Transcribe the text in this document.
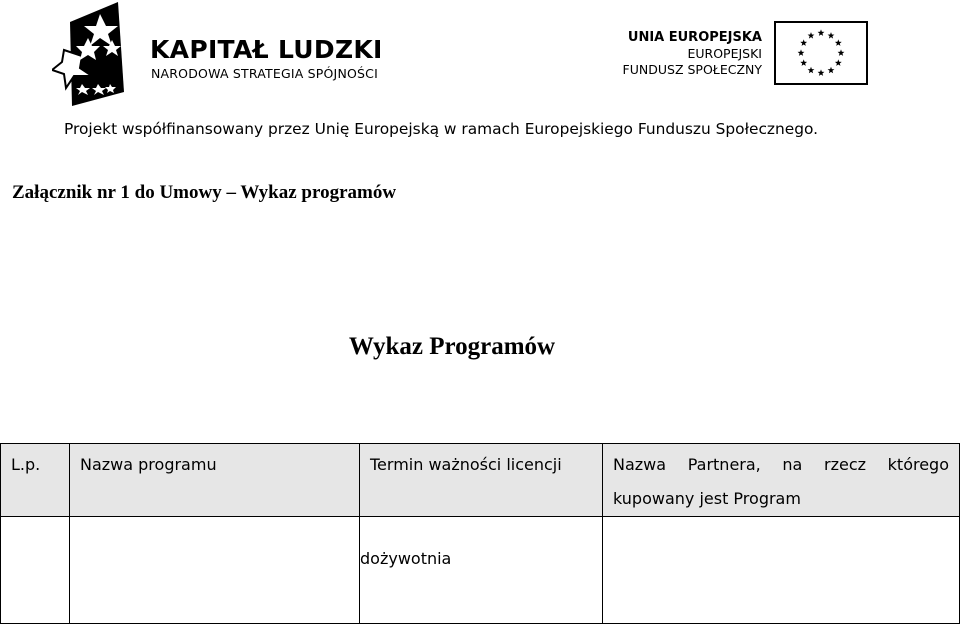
KAPITAŁ LUDZKI
NARODOWA STRATEGIA SPÓJNOŚCI
UNIA EUROPEJSKA
EUROPEJSKI
FUNDUSZ SPOŁECZNY
Projekt współfinansowany przez Unię Europejską w ramach Europejskiego Funduszu Społecznego.
Załącznik nr 1 do Umowy – Wykaz programów
Wykaz Programów
L.p.	Nazwa programu	Termin ważności licencji	Nazwa Partnera, na rzecz którego kupowany jest Program

		dożywotnia	
